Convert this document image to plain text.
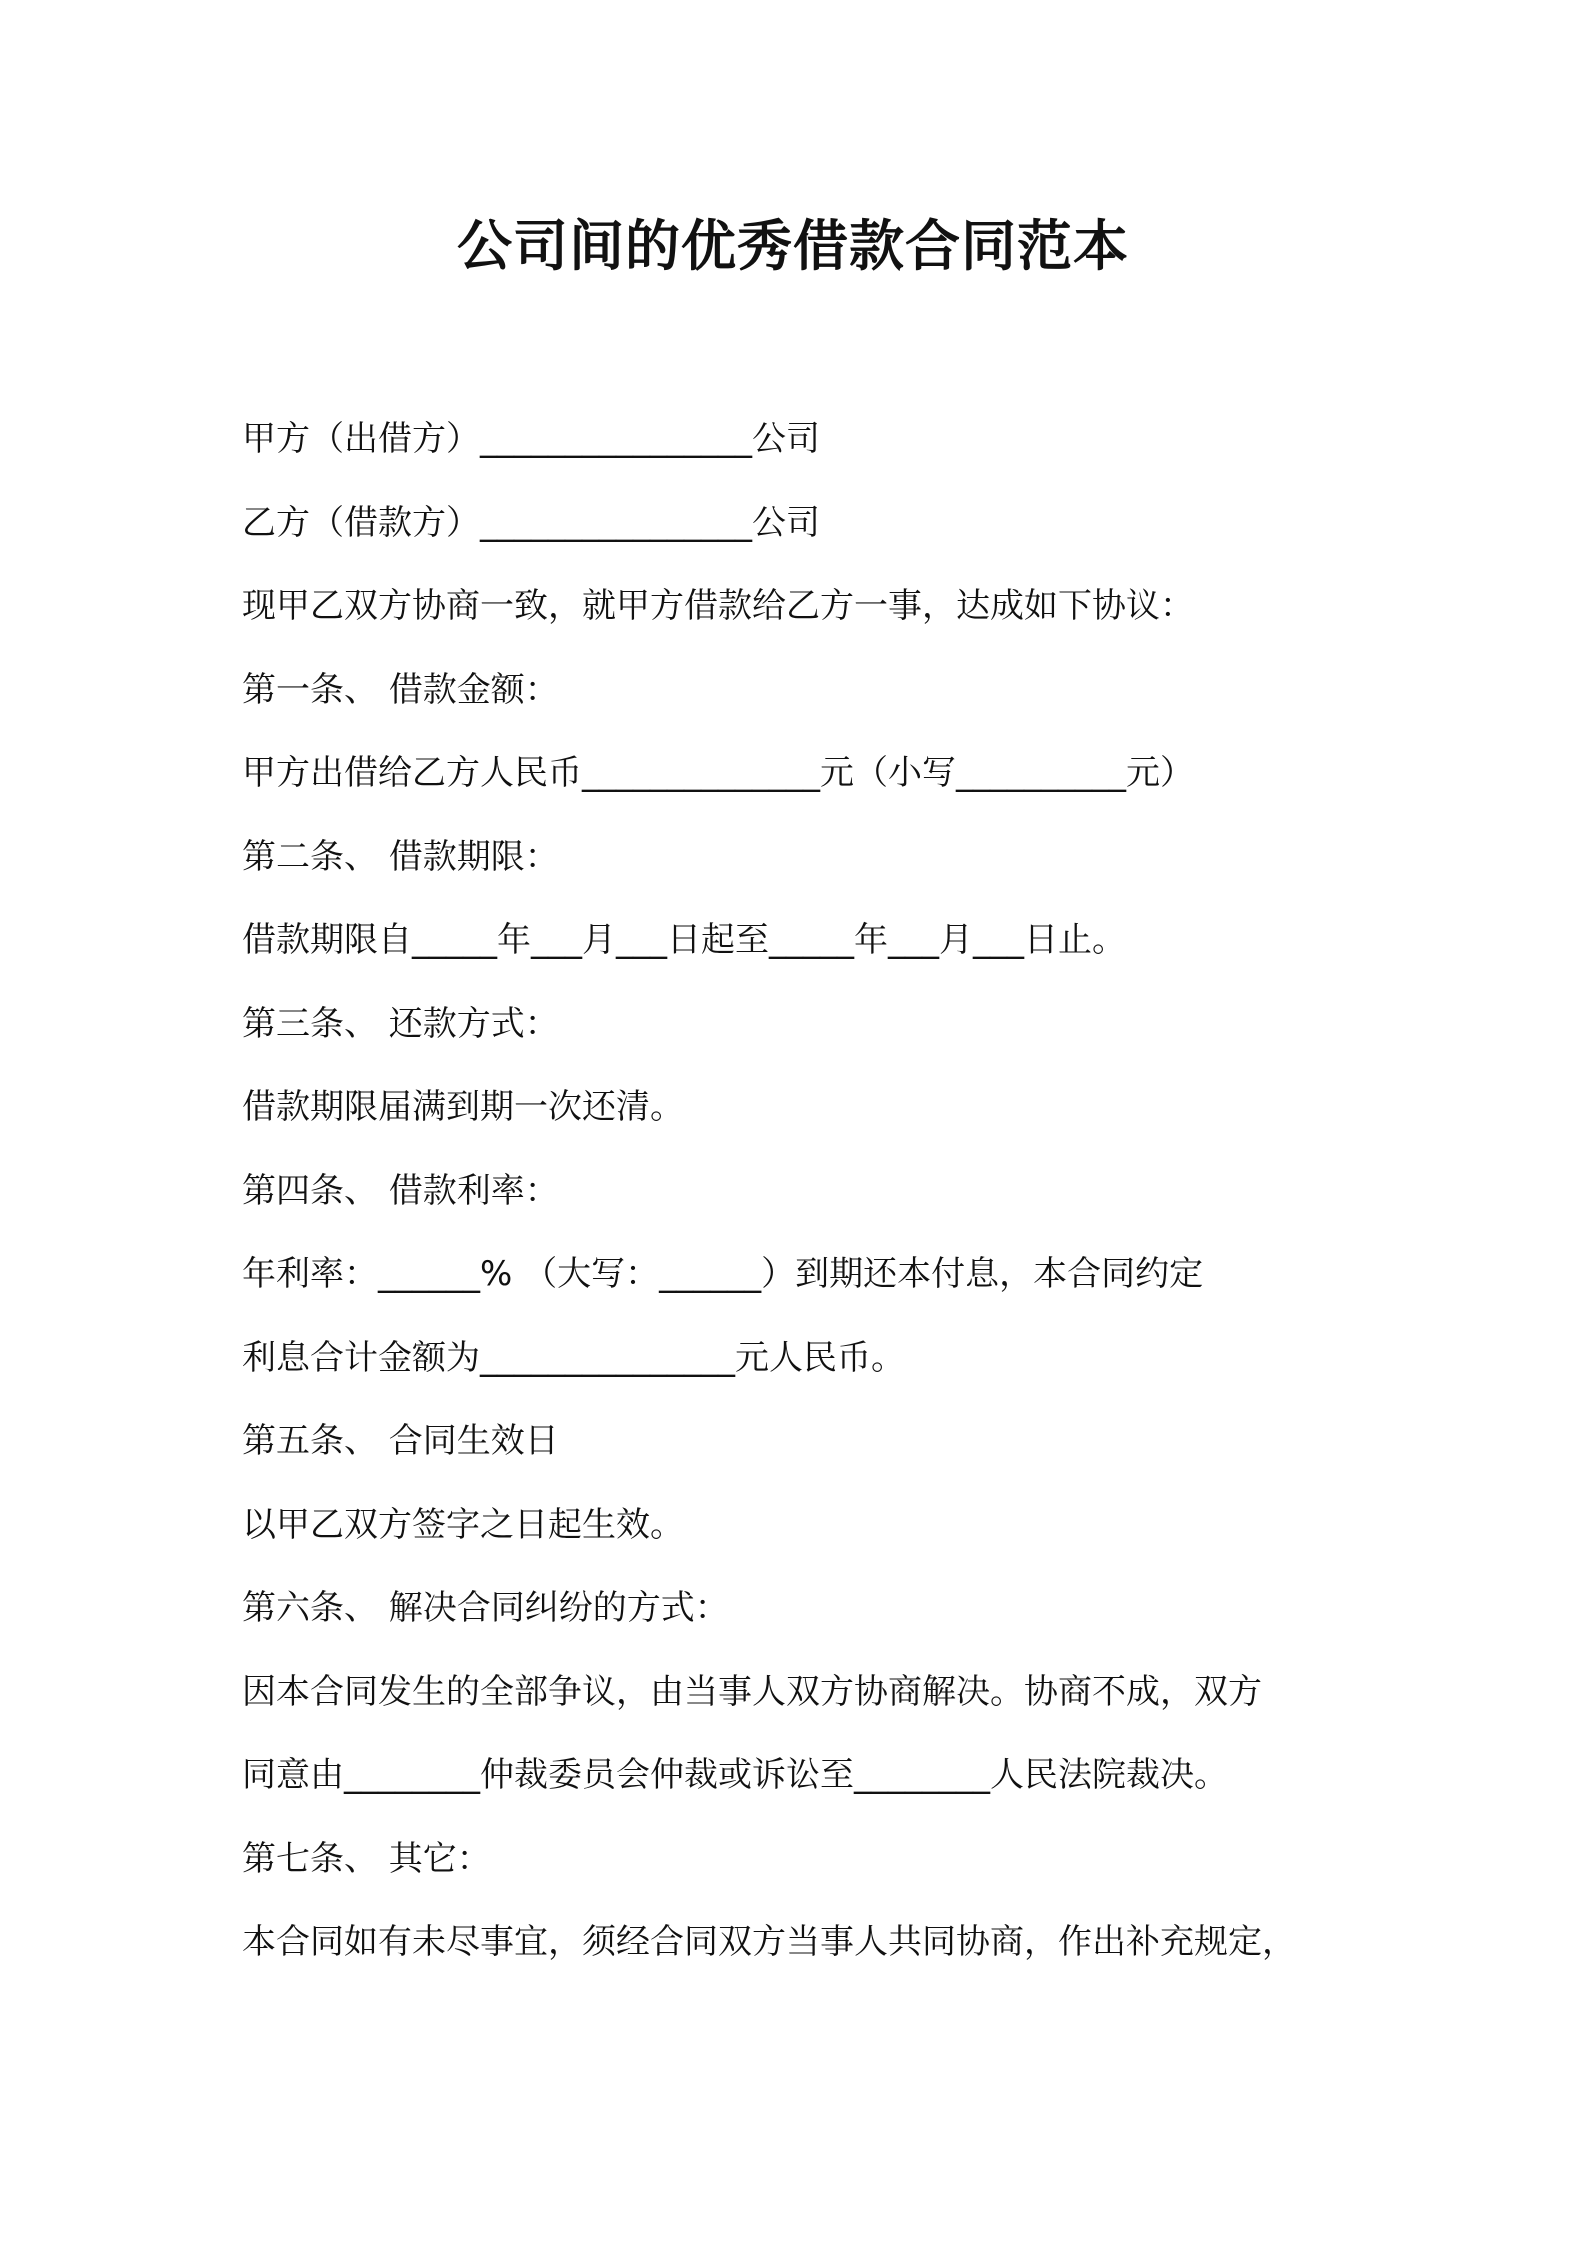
公司间的优秀借款合同范本
甲方（出借方）________________公司
乙方（借款方）________________公司
现甲乙双方协商一致，就甲方借款给乙方一事，达成如下协议：
第一条、 借款金额：
甲方出借给乙方人民币______________元（小写__________元）
第二条、 借款期限：
借款期限自_____年___月___日起至_____年___月___日止。
第三条、 还款方式：
借款期限届满到期一次还清。
第四条、 借款利率：
年利率：______% （大写：______）到期还本付息，本合同约定
利息合计金额为_______________元人民币。
第五条、 合同生效日
以甲乙双方签字之日起生效。
第六条、 解决合同纠纷的方式：
因本合同发生的全部争议，由当事人双方协商解决。协商不成，双方
同意由________仲裁委员会仲裁或诉讼至________人民法院裁决。
第七条、 其它：
本合同如有未尽事宜，须经合同双方当事人共同协商，作出补充规定，
